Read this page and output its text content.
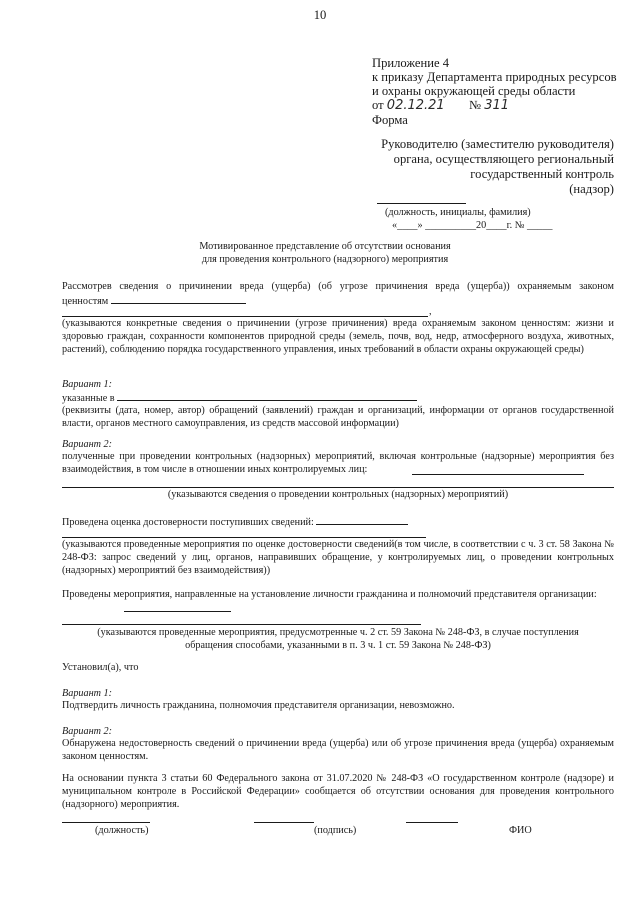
10
Приложение 4
к приказу Департамента природных ресурсов
и охраны окружающей среды области
от 02.12.21 № 311
Форма
Руководителю (заместителю руководителя)
органа, осуществляющего региональный
государственный контроль
(надзор)
(должность, инициалы, фамилия)
«____» __________20____г. № _____
Мотивированное представление об отсутствии основания
для проведения контрольного (надзорного) мероприятия
Рассмотрев сведения о причинении вреда (ущерба) (об угрозе причинения вреда (ущерба)) охраняемым законом
ценностям
,
(указываются конкретные сведения о причинении (угрозе причинения) вреда охраняемым законом ценностям: жизни и здоровью граждан, сохранности компонентов природной среды (земель, почв, вод, недр, атмосферного воздуха, животных, растений), соблюдению порядка государственного управления, иных требований в области охраны окружающей среды)
Вариант 1:
указанные в
(реквизиты (дата, номер, автор) обращений (заявлений) граждан и организаций, информации от органов государственной власти, органов местного самоуправления, из средств массовой информации)
Вариант 2:
полученные при проведении контрольных (надзорных) мероприятий, включая контрольные (надзорные) мероприятия без взаимодействия, в том числе в отношении иных контролируемых лиц:
(указываются сведения о проведении контрольных (надзорных) мероприятий)
Проведена оценка достоверности поступивших сведений:
(указываются проведенные мероприятия по оценке достоверности сведений(в том числе, в соответствии с ч. 3 ст. 58 Закона № 248-ФЗ: запрос сведений у лиц, органов, направивших обращение, у контролируемых лиц, о проведении контрольных (надзорных) мероприятий без взаимодействия))
Проведены мероприятия, направленные на установление личности гражданина и полномочий представителя организации:
(указываются проведенные мероприятия, предусмотренные ч. 2 ст. 59 Закона № 248-ФЗ, в случае поступления
обращения способами, указанными в п. 3 ч. 1 ст. 59 Закона № 248-ФЗ)
Установил(а), что
Вариант 1:
Подтвердить личность гражданина, полномочия представителя организации, невозможно.
Вариант 2:
Обнаружена недостоверность сведений о причинении вреда (ущерба) или об угрозе причинения вреда (ущерба) охраняемым законом ценностям.
На основании пункта 3 статьи 60 Федерального закона от 31.07.2020 № 248-ФЗ «О государственном контроле (надзоре) и муниципальном контроле в Российской Федерации» сообщается об отсутствии основания для проведения контрольного (надзорного) мероприятия.
(должность)	(подпись)	ФИО
